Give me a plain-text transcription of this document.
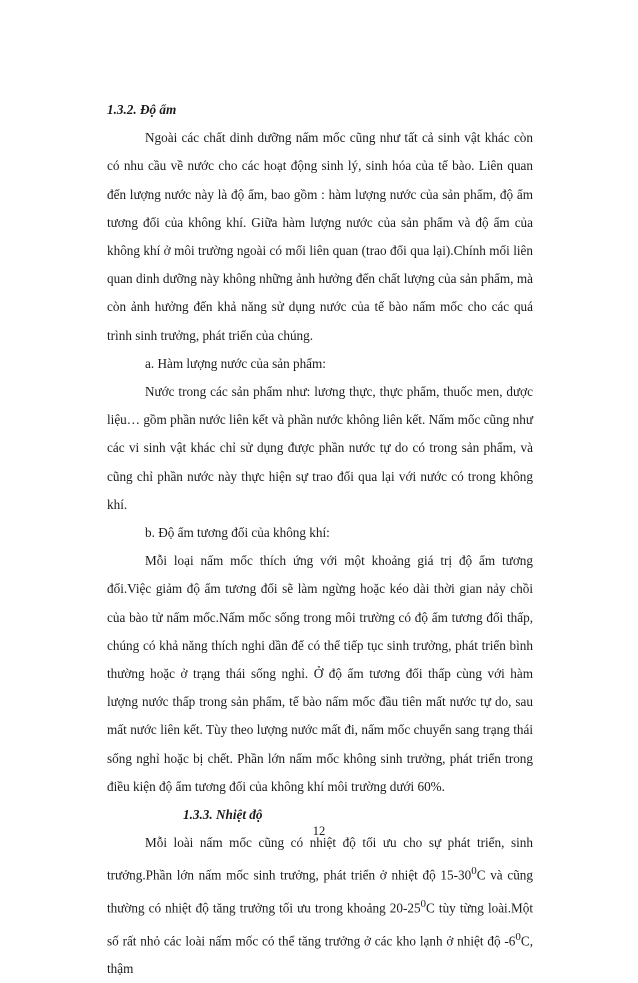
1.3.2. Độ ẩm

Ngoài các chất dinh dưỡng nấm mốc cũng như tất cả sinh vật khác còn có nhu cầu về nước cho các hoạt động sinh lý, sinh hóa của tế bào. Liên quan đến lượng nước này là độ ẩm, bao gồm : hàm lượng nước của sản phẩm, độ ẩm tương đối của không khí. Giữa hàm lượng nước của sản phẩm và độ ẩm của không khí ở môi trường ngoài có mối liên quan (trao đổi qua lại).Chính mối liên quan dinh dưỡng này không những ảnh hưởng đến chất lượng của sản phẩm, mà còn ảnh hưởng đến khả năng sử dụng nước của tế bào nấm mốc cho các quá trình sinh trưởng, phát triển của chúng.

a. Hàm lượng nước của sản phẩm:

Nước trong các sản phẩm như: lương thực, thực phẩm, thuốc men, dược liệu… gồm phần nước liên kết và phần nước không liên kết. Nấm mốc cũng như các vi sinh vật khác chỉ sử dụng được phần nước tự do có trong sản phẩm, và cũng chỉ phần nước này thực hiện sự trao đổi qua lại với nước có trong không khí.

b. Độ ẩm tương đối của không khí:

Mỗi loại nấm mốc thích ứng với một khoảng giá trị độ ẩm tương đối.Việc giảm độ ẩm tương đối sẽ làm ngừng hoặc kéo dài thời gian nảy chồi của bào tử nấm mốc.Nấm mốc sống trong môi trường có độ ẩm tương đối thấp, chúng có khả năng thích nghi dần để có thể tiếp tục sinh trưởng, phát triển bình thường hoặc ở trạng thái sống nghỉ. Ở độ ẩm tương đối thấp cùng với hàm lượng nước thấp trong sản phẩm, tế bào nấm mốc đầu tiên mất nước tự do, sau mất nước liên kết. Tùy theo lượng nước mất đi, nấm mốc chuyển sang trạng thái sống nghỉ hoặc bị chết. Phần lớn nấm mốc không sinh trưởng, phát triển trong điều kiện độ ẩm tương đối của không khí môi trường dưới 60%.

1.3.3. Nhiệt độ

Mỗi loài nấm mốc cũng có nhiệt độ tối ưu cho sự phát triển, sinh trưởng.Phần lớn nấm mốc sinh trưởng, phát triển ở nhiệt độ $15-30^0C$ và cũng thường có nhiệt độ tăng trưởng tối ưu trong khoảng $20-25^0C$ tùy từng loài.Một số rất nhỏ các loài nấm mốc có thể tăng trưởng ở các kho lạnh ở nhiệt độ $-6^0C$, thậm

12
